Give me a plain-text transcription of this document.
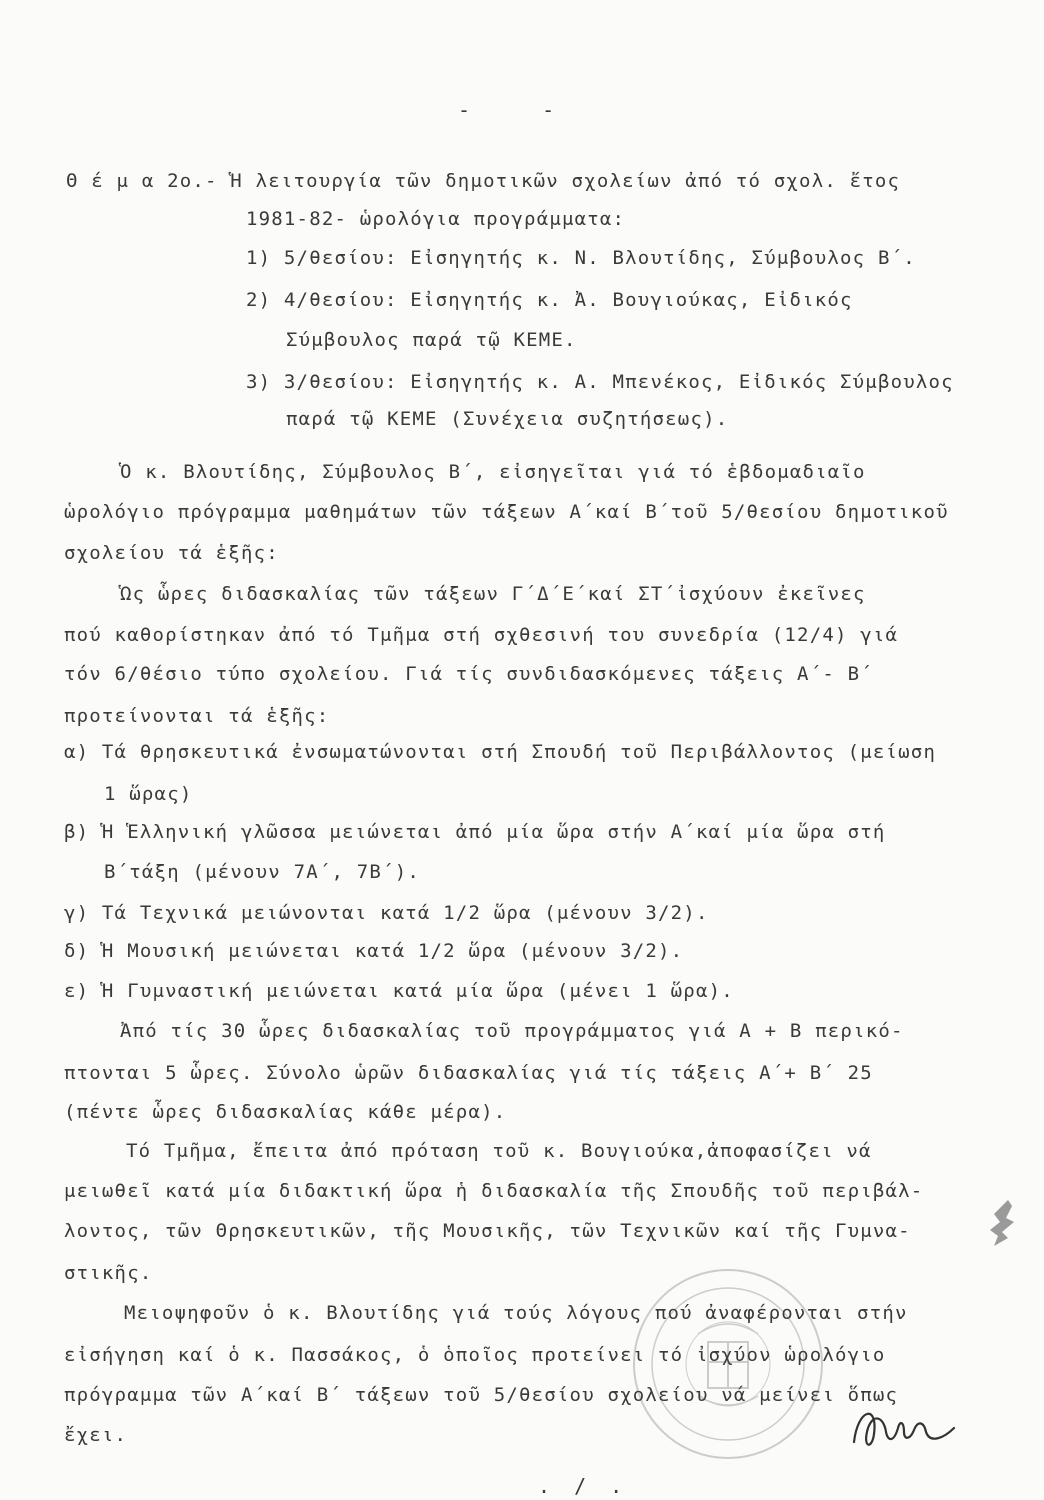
- -
Θ έ μ α 2ο.- Ἡ λειτουργία τῶν δημοτικῶν σχολείων ἀπό τό σχολ. ἔτος
1981-82- ὡρολόγια προγράμματα:
1) 5/θεσίου: Εἰσηγητής κ. Ν. Βλουτίδης, Σύμβουλος Β΄.
2) 4/θεσίου: Εἰσηγητής κ. Ἀ. Βουγιούκας, Εἰδικός
Σύμβουλος παρά τῷ ΚΕΜΕ.
3) 3/θεσίου: Εἰσηγητής κ. Α. Μπενέκος, Εἰδικός Σύμβουλος
παρά τῷ ΚΕΜΕ (Συνέχεια συζητήσεως).
Ὁ κ. Βλουτίδης, Σύμβουλος Β΄, εἰσηγεῖται γιά τό ἑβδομαδιαῖο
ὡρολόγιο πρόγραμμα μαθημάτων τῶν τάξεων Α΄καί Β΄τοῦ 5/θεσίου δημοτικοῦ
σχολείου τά ἑξῆς:
Ὡς ὧρες διδασκαλίας τῶν τάξεων Γ΄Δ΄Ε΄καί ΣΤ΄ἰσχύουν ἐκεῖνες
πού καθορίστηκαν ἀπό τό Τμῆμα στή σχθεσινή του συνεδρία (12/4) γιά
τόν 6/θέσιο τύπο σχολείου. Γιά τίς συνδιδασκόμενες τάξεις Α΄- Β΄
προτείνονται τά ἑξῆς:
α) Τά θρησκευτικά ἐνσωματώνονται στή Σπουδή τοῦ Περιβάλλοντος (μείωση
1 ὥρας)
β) Ἡ Ἑλληνική γλῶσσα μειώνεται ἀπό μία ὥρα στήν Α΄καί μία ὥρα στή
Β΄τάξη (μένουν 7Α΄, 7Β΄).
γ) Τά Τεχνικά μειώνονται κατά 1/2 ὥρα (μένουν 3/2).
δ) Ἡ Μουσική μειώνεται κατά 1/2 ὥρα (μένουν 3/2).
ε) Ἡ Γυμναστική μειώνεται κατά μία ὥρα (μένει 1 ὥρα).
Ἀπό τίς 30 ὧρες διδασκαλίας τοῦ προγράμματος γιά Α + Β περικό-
πτονται 5 ὧρες. Σύνολο ὡρῶν διδασκαλίας γιά τίς τάξεις Α΄+ Β΄ 25
(πέντε ὧρες διδασκαλίας κάθε μέρα).
Τό Τμῆμα, ἔπειτα ἀπό πρόταση τοῦ κ. Βουγιούκα,ἀποφασίζει νά
μειωθεῖ κατά μία διδακτική ὥρα ἡ διδασκαλία τῆς Σπουδῆς τοῦ περιβάλ-
λοντος, τῶν Θρησκευτικῶν, τῆς Μουσικῆς, τῶν Τεχνικῶν καί τῆς Γυμνα-
στικῆς.
Μειοψηφοῦν ὁ κ. Βλουτίδης γιά τούς λόγους πού ἀναφέρονται στήν
εἰσήγηση καί ὁ κ. Πασσάκος, ὁ ὁποῖος προτείνει τό ἰσχύον ὡρολόγιο
πρόγραμμα τῶν Α΄καί Β΄ τάξεων τοῦ 5/θεσίου σχολείου νά μείνει ὅπως
ἔχει.
. / .
